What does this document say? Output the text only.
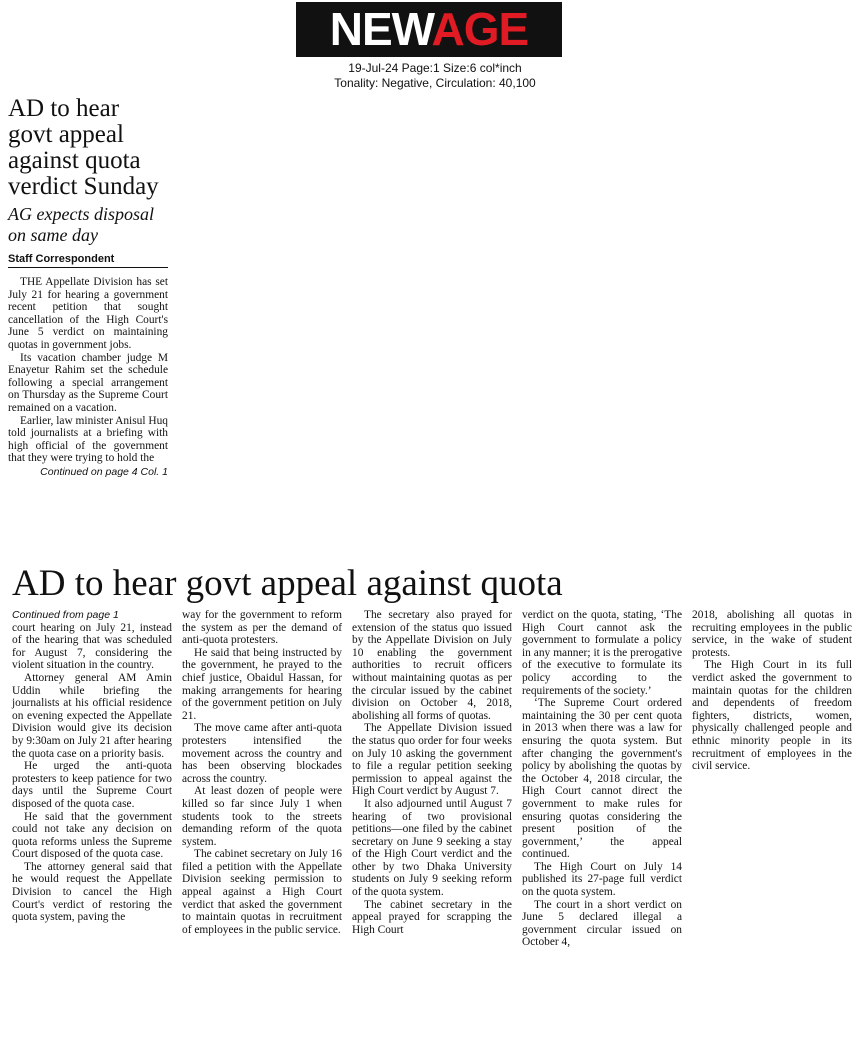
NEWAGE
19-Jul-24 Page:1 Size:6 col*inch
Tonality: Negative, Circulation: 40,100
AD to hear govt appeal against quota verdict Sunday
AG expects disposal on same day
Staff Correspondent

THE Appellate Division has set July 21 for hearing a government recent petition that sought cancellation of the High Court's June 5 verdict on maintaining quotas in government jobs.

Its vacation chamber judge M Enayetur Rahim set the schedule following a special arrangement on Thursday as the Supreme Court remained on a vacation.

Earlier, law minister Anisul Huq told journalists at a briefing with high official of the government that they were trying to hold the

Continued on page 4 Col. 1
AD to hear govt appeal against quota
Continued from page 1

court hearing on July 21, instead of the hearing that was scheduled for August 7, considering the violent situation in the country.

Attorney general AM Amin Uddin while briefing the journalists at his official residence on evening expected the Appellate Division would give its decision by 9:30am on July 21 after hearing the quota case on a priority basis.

He urged the anti-quota protesters to keep patience for two days until the Supreme Court disposed of the quota case.

He said that the government could not take any decision on quota reforms unless the Supreme Court disposed of the quota case.

The attorney general said that he would request the Appellate Division to cancel the High Court's verdict of restoring the quota system, paving the

way for the government to reform the system as per the demand of anti-quota protesters.

He said that being instructed by the government, he prayed to the chief justice, Obaidul Hassan, for making arrangements for hearing of the government petition on July 21.

The move came after anti-quota protesters intensified the movement across the country and has been observing blockades across the country.

At least dozen of people were killed so far since July 1 when students took to the streets demanding reform of the quota system.

The cabinet secretary on July 16 filed a petition with the Appellate Division seeking permission to appeal against a High Court verdict that asked the government to maintain quotas in recruitment of employees in the public service.

The secretary also prayed for extension of the status quo issued by the Appellate Division on July 10 enabling the government authorities to recruit officers without maintaining quotas as per the circular issued by the cabinet division on October 4, 2018, abolishing all forms of quotas.

The Appellate Division issued the status quo order for four weeks on July 10 asking the government to file a regular petition seeking permission to appeal against the High Court verdict by August 7.

It also adjourned until August 7 hearing of two provisional petitions—one filed by the cabinet secretary on June 9 seeking a stay of the High Court verdict and the other by two Dhaka University students on July 9 seeking reform of the quota system.

The cabinet secretary in the appeal prayed for scrapping the High Court

verdict on the quota, stating, ‘The High Court cannot ask the government to formulate a policy in any manner; it is the prerogative of the executive to formulate its policy according to the requirements of the society.’

‘The Supreme Court ordered maintaining the 30 per cent quota in 2013 when there was a law for ensuring the quota system. But after changing the government's policy by abolishing the quotas by the October 4, 2018 circular, the High Court cannot direct the government to make rules for ensuring quotas considering the present position of the government,’ the appeal continued.

The High Court on July 14 published its 27-page full verdict on the quota system.

The court in a short verdict on June 5 declared illegal a government circular issued on October 4,

2018, abolishing all quotas in recruiting employees in the public service, in the wake of student protests.

The High Court in its full verdict asked the government to maintain quotas for the children and dependents of freedom fighters, districts, women, physically challenged people and ethnic minority people in its recruitment of employees in the civil service.
